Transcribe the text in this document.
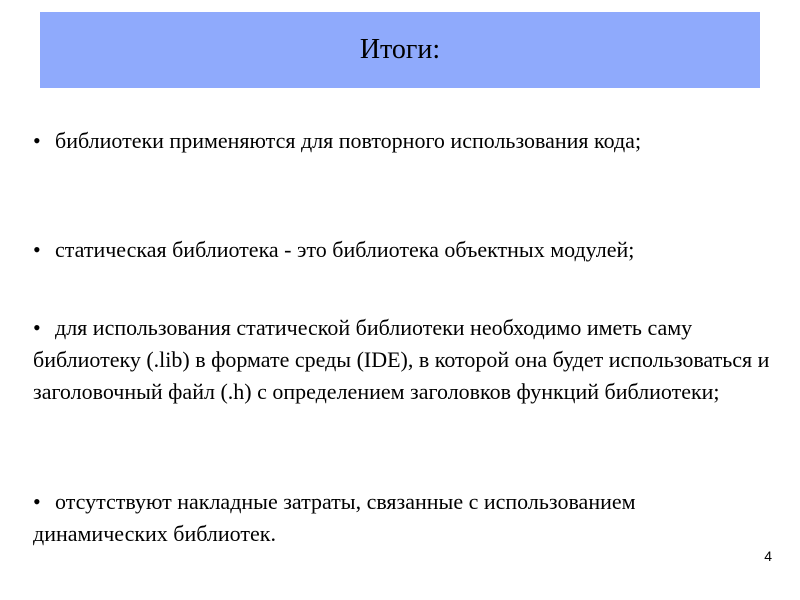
Итоги:

• библиотеки применяются для повторного использования кода;

• статическая библиотека - это библиотека объектных модулей;

• для использования статической библиотеки необходимо иметь саму библиотеку (.lib) в формате среды (IDE), в которой она будет использоваться и заголовочный файл (.h) с определением заголовков функций библиотеки;

• отсутствуют накладные затраты, связанные с использованием динамических библиотек.

4
